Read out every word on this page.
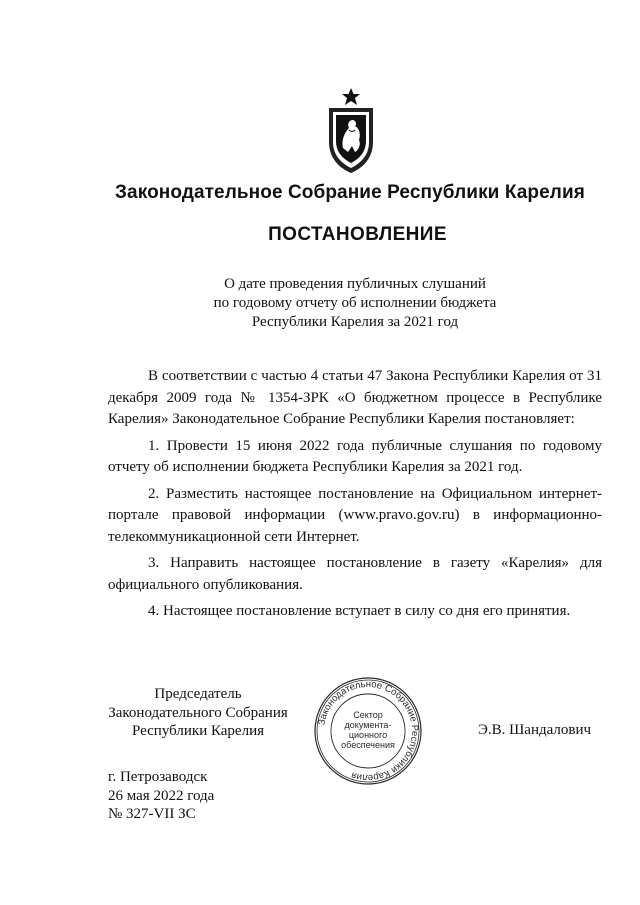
Законодательное Собрание Республики Карелия
ПОСТАНОВЛЕНИЕ
О дате проведения публичных слушаний
по годовому отчету об исполнении бюджета
Республики Карелия за 2021 год

В соответствии с частью 4 статьи 47 Закона Республики Карелия от 31 декабря 2009 года № 1354-ЗРК «О бюджетном процессе в Республике Карелия» Законодательное Собрание Республики Карелия постановляет:

1. Провести 15 июня 2022 года публичные слушания по годовому отчету об исполнении бюджета Республики Карелия за 2021 год.

2. Разместить настоящее постановление на Официальном интернет-портале правовой информации (www.pravo.gov.ru) в информационно-телекоммуникационной сети Интернет.

3. Направить настоящее постановление в газету «Карелия» для официального опубликования.

4. Настоящее постановление вступает в силу со дня его принятия.

Председатель
Законодательного Собрания
Республики Карелия
Законодательное Собрание Республики Карелия
Сектор
документа-
ционного
обеспечения
Э.В. Шандалович
г. Петрозаводск
26 мая 2022 года
№ 327-VII ЗС
